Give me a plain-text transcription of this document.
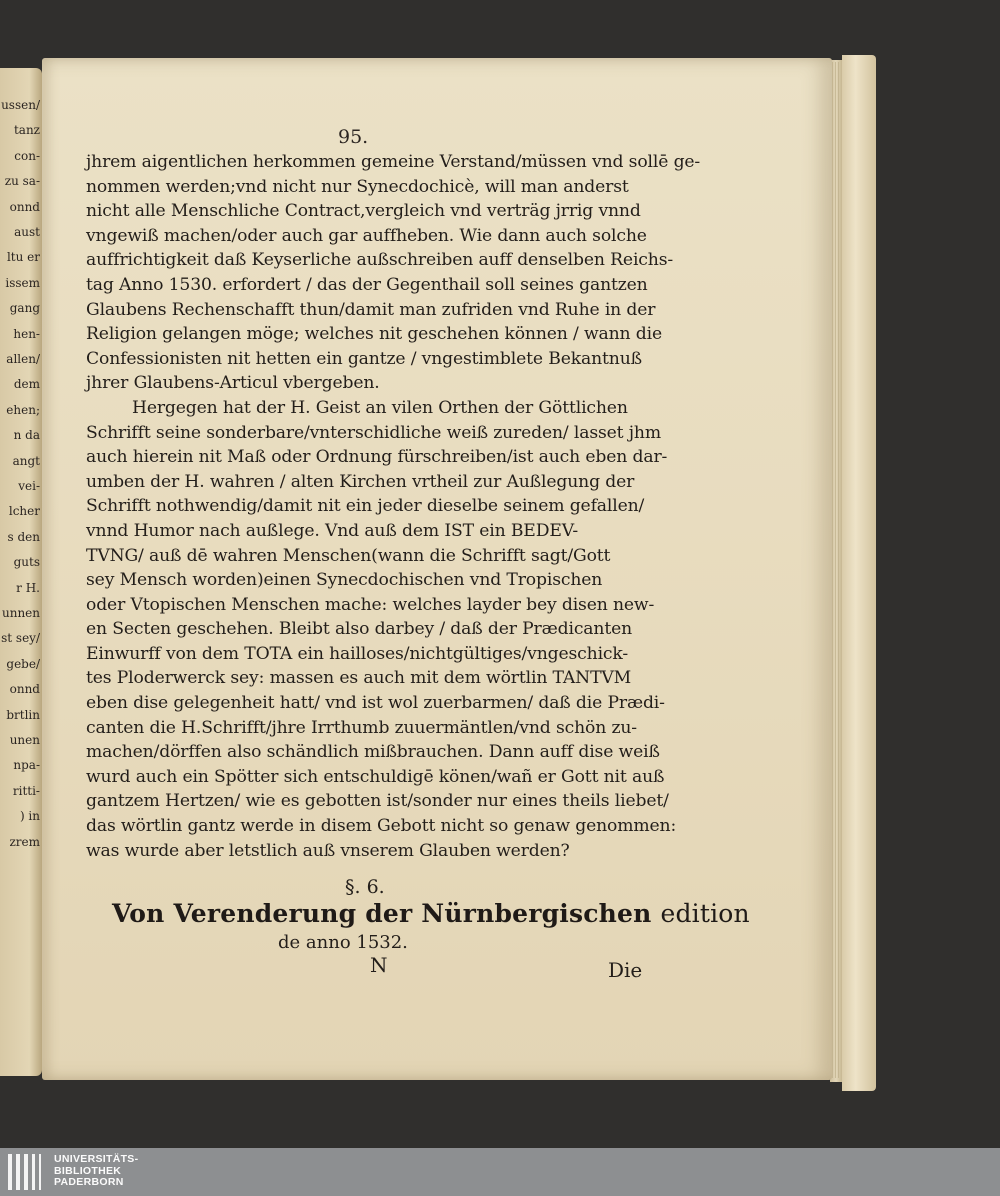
ussen/
tanz
con-
zu sa-
onnd
aust
ltu er
issem
gang
hen-
allen/
dem
ehen;
n da
angt
vei-
lcher
s den
guts
r H.
unnen
st sey/
gebe/
onnd
brtlin
unen
npa-
ritti-
) in
zrem
95.
jhrem aigentlichen herkommen gemeine Verstand/müssen vnd sollē ge-
nommen werden;vnd nicht nur Synecdochicè, will man anderst
nicht alle Menschliche Contract,vergleich vnd verträg jrrig vnnd
vngewiß machen/oder auch gar auffheben. Wie dann auch solche
auffrichtigkeit daß Keyserliche außschreiben auff denselben Reichs-
tag Anno 1530. erfordert / das der Gegenthail soll seines gantzen
Glaubens Rechenschafft thun/damit man zufriden vnd Ruhe in der
Religion gelangen möge; welches nit geschehen können / wann die
Confessionisten nit hetten ein gantze / vngestimblete Bekantnuß
jhrer Glaubens-Articul vbergeben.
Hergegen hat der H. Geist an vilen Orthen der Göttlichen
Schrifft seine sonderbare/vnterschidliche weiß zureden/ lasset jhm
auch hierein nit Maß oder Ordnung fürschreiben/ist auch eben dar-
umben der H. wahren / alten Kirchen vrtheil zur Außlegung der
Schrifft nothwendig/damit nit ein jeder dieselbe seinem gefallen/
vnnd Humor nach außlege. Vnd auß dem IST ein BEDEV-
TVNG/ auß dē wahren Menschen(wann die Schrifft sagt/Gott
sey Mensch worden)einen Synecdochischen vnd Tropischen
oder Vtopischen Menschen mache: welches layder bey disen new-
en Secten geschehen. Bleibt also darbey / daß der Prædicanten
Einwurff von dem TOTA ein hailloses/nichtgültiges/vngeschick-
tes Ploderwerck sey: massen es auch mit dem wörtlin TANTVM
eben dise gelegenheit hatt/ vnd ist wol zuerbarmen/ daß die Prædi-
canten die H.Schrifft/jhre Irrthumb zuuermäntlen/vnd schön zu-
machen/dörffen also schändlich mißbrauchen. Dann auff dise weiß
wurd auch ein Spötter sich entschuldigē könen/wañ er Gott nit auß
gantzem Hertzen/ wie es gebotten ist/sonder nur eines theils liebet/
das wörtlin gantz werde in disem Gebott nicht so genaw genommen:
was wurde aber letstlich auß vnserem Glauben werden?
§. 6.
Von Verenderung der Nürnbergischen edition
de anno 1532.
N	Die
UNIVERSITÄTS-
BIBLIOTHEK
PADERBORN
